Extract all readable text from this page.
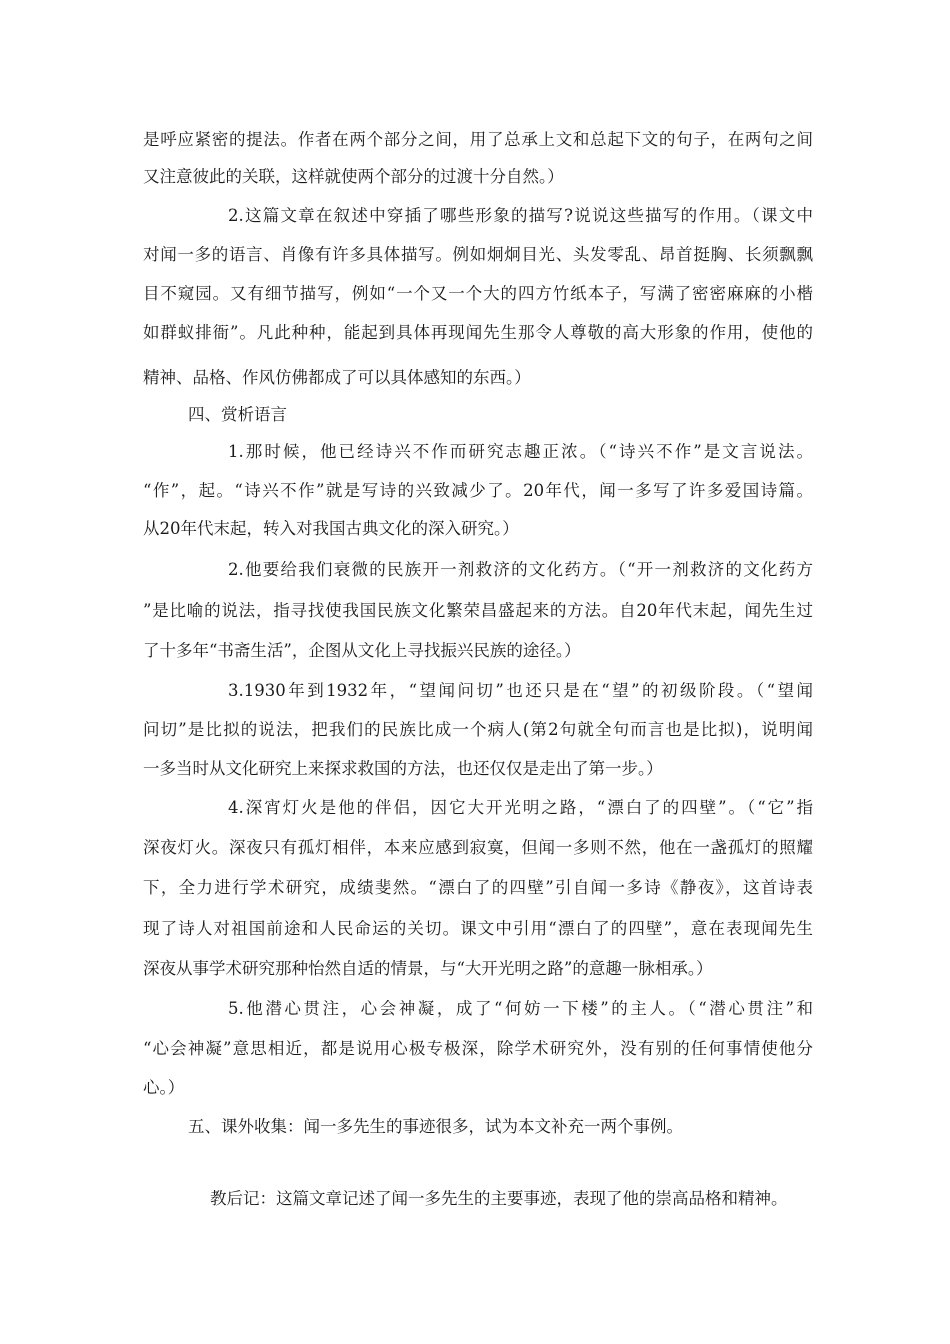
是呼应紧密的提法。作者在两个部分之间，用了总承上文和总起下文的句子，在两句之间
又注意彼此的关联，这样就使两个部分的过渡十分自然。）
2.这篇文章在叙述中穿插了哪些形象的描写?说说这些描写的作用。（课文中
对闻一多的语言、肖像有许多具体描写。例如炯炯目光、头发零乱、昂首挺胸、长须飘飘
目不窥园。又有细节描写，例如“一个又一个大的四方竹纸本子，写满了密密麻麻的小楷
如群蚁排衙”。凡此种种，能起到具体再现闻先生那令人尊敬的高大形象的作用，使他的
精神、品格、作风仿佛都成了可以具体感知的东西。）
四、赏析语言
1.那时候，他已经诗兴不作而研究志趣正浓。（“诗兴不作”是文言说法。
“作”，起。“诗兴不作”就是写诗的兴致减少了。20年代，闻一多写了许多爱国诗篇。
从20年代末起，转入对我国古典文化的深入研究。）
2.他要给我们衰微的民族开一剂救济的文化药方。（“开一剂救济的文化药方
”是比喻的说法，指寻找使我国民族文化繁荣昌盛起来的方法。自20年代末起，闻先生过
了十多年“书斋生活”，企图从文化上寻找振兴民族的途径。）
3.1930年到1932年，“望闻问切”也还只是在“望”的初级阶段。（“望闻
问切”是比拟的说法，把我们的民族比成一个病人(第2句就全句而言也是比拟)，说明闻
一多当时从文化研究上来探求救国的方法，也还仅仅是走出了第一步。）
4.深宵灯火是他的伴侣，因它大开光明之路，“漂白了的四壁”。（“它”指
深夜灯火。深夜只有孤灯相伴，本来应感到寂寞，但闻一多则不然，他在一盏孤灯的照耀
下，全力进行学术研究，成绩斐然。“漂白了的四壁”引自闻一多诗《静夜》，这首诗表
现了诗人对祖国前途和人民命运的关切。课文中引用“漂白了的四壁”，意在表现闻先生
深夜从事学术研究那种怡然自适的情景，与“大开光明之路”的意趣一脉相承。）
5.他潜心贯注，心会神凝，成了“何妨一下楼”的主人。（“潜心贯注”和
“心会神凝”意思相近，都是说用心极专极深，除学术研究外，没有别的任何事情使他分
心。）
五、课外收集：闻一多先生的事迹很多，试为本文补充一两个事例。
教后记：这篇文章记述了闻一多先生的主要事迹，表现了他的崇高品格和精神。
